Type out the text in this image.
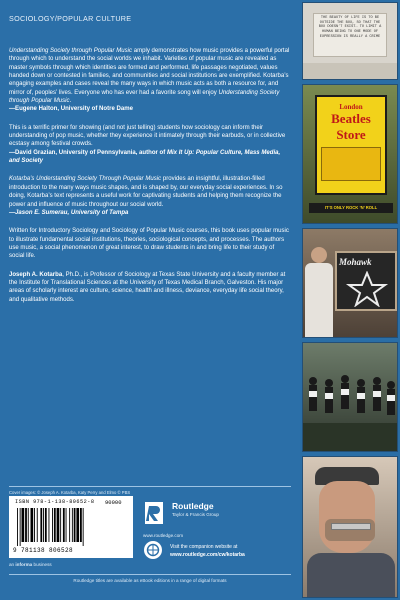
SOCIOLOGY/POPULAR CULTURE

Understanding Society through Popular Music amply demonstrates how music provides a powerful portal through which to understand the social worlds we inhabit. Varieties of popular music are revealed as master symbols through which identities are formed and performed, life passages negotiated, values handed down or contested in families, and communities and social institutions are exemplified. Kotarba’s engaging examples and cases reveal the many ways in which music acts as both a resource for, and mirror of, peoples’ lives. Everyone who has ever had a favorite song will enjoy Understanding Society through Popular Music.

—Eugene Halton, University of Notre Dame

This is a terrific primer for showing (and not just telling) students how sociology can inform their understanding of pop music, whether they experience it intimately through their earbuds, or in collective ecstasy among festival crowds.

—David Grazian, University of Pennsylvania, author of Mix It Up: Popular Culture, Mass Media, and Society

Kotarba’s Understanding Society Through Popular Music provides an insightful, illustration-filled introduction to the many ways music shapes, and is shaped by, our everyday social experiences. In so doing, Kotarba’s text represents a useful work for captivating students and helping them recognize the power and influence of music throughout our social world.

—Jason E. Sumerau, University of Tampa

Written for Introductory Sociology and Sociology of Popular Music courses, this book uses popular music to illustrate fundamental social institutions, theories, sociological concepts, and processes. The authors use music, a social phenomenon of great interest, to draw students in and bring life to their study of social life.

Joseph A. Kotarba, Ph.D., is Professor of Sociology at Texas State University and a faculty member at the Institute for Translational Sciences at the University of Texas Medical Branch, Galveston. His major areas of scholarly interest are culture, science, health and illness, deviance, everyday life social theory, and qualitative methods.

Cover images: © Joseph A. Kotarba, Katy Perry and Elmo © PBS
ISBN 978-1-138-80652-8 90000
9 781138 806528
Routledge
Taylor & Francis Group
www.routledge.com
Visit the companion website at
www.routledge.com/cw/kotarba
an informa business
Routledge titles are available as eBook editions in a range of digital formats
THE BEAUTY OF LIFE IS TO BE OUTSIDE THE BOX, SO THAT THE BOX DOESN’T EXIST… TO LIMIT A HUMAN BEING TO ONE MODE OF EXPRESSION IS REALLY A CRIME
London
Beatles
Store
IT’S ONLY ROCK ’N’ ROLL
Mohawk
